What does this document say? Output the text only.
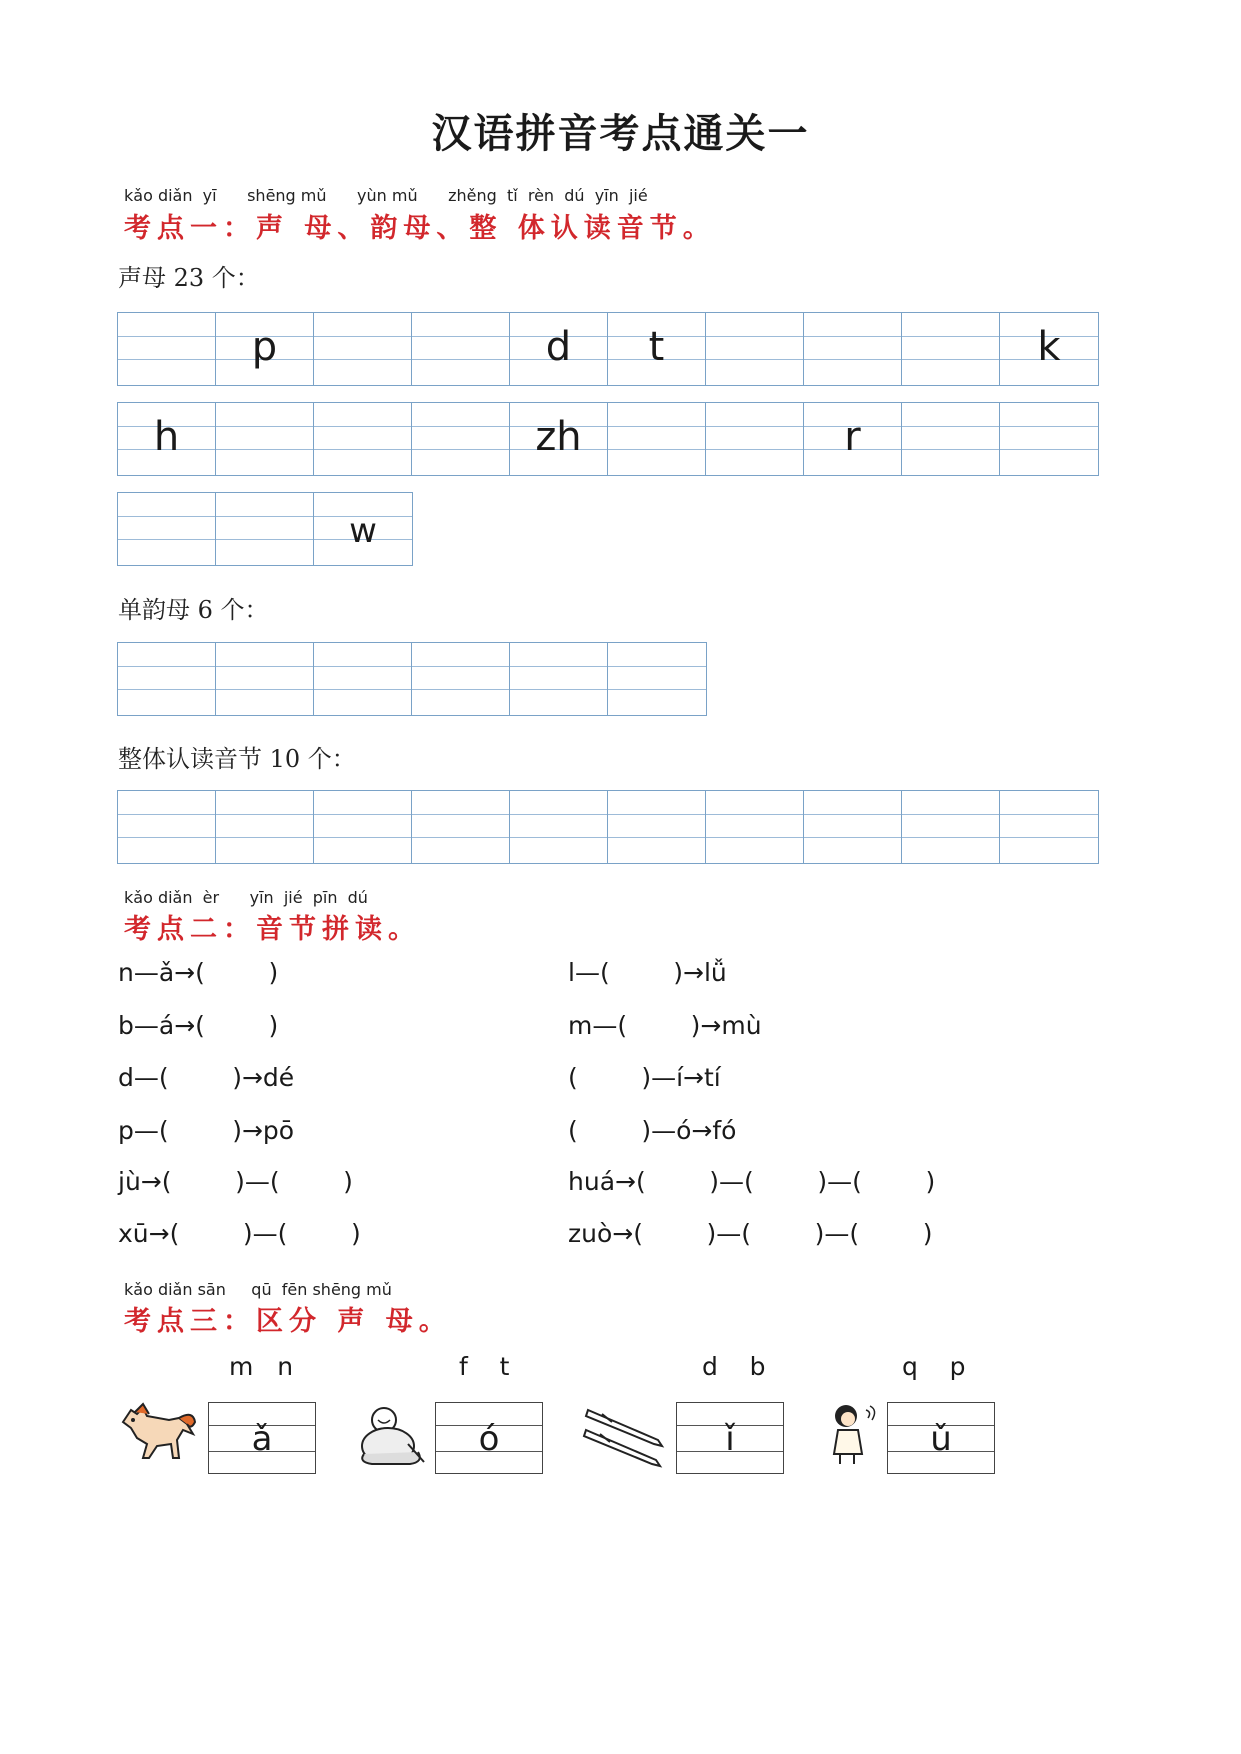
汉语拼音考点通关一
kǎo diǎn  yī      shēng mǔ      yùn mǔ      zhěng  tǐ  rèn  dú  yīn  jié
考点一：声 母、韵母、整 体认读音节。
声母 23 个：
p	d	t	k
h	zh	r
w
单韵母 6 个：
整体认读音节 10 个：
kǎo diǎn  èr      yīn  jié  pīn  dú
考点二：音节拼读。
n—ǎ→(        )
b—á→(        )
d—(        )→dé
p—(        )→pō
jù→(        )—(        )
xū→(        )—(        )
l—(        )→lǚ
m—(        )→mù
(        )—í→tí
(        )—ó→fó
huá→(        )—(        )—(        )
zuò→(        )—(        )—(        )
kǎo diǎn sān     qū  fēn shēng mǔ
考点三：区分 声 母。
m   n
ǎ
f    t
ó
d    b
ǐ
q    p
ǔ
